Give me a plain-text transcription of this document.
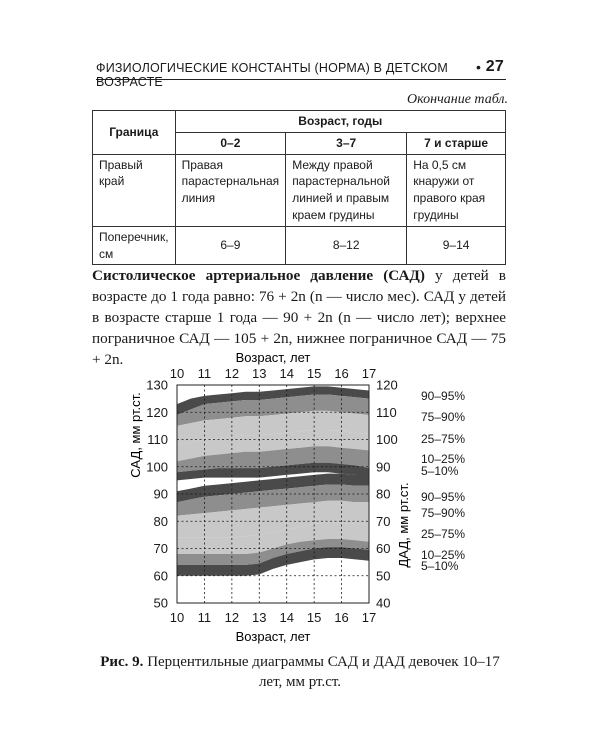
ФИЗИОЛОГИЧЕСКИЕ КОНСТАНТЫ (НОРМА) В ДЕТСКОМ ВОЗРАСТЕ
• 27
Окончание табл.
Граница	Возраст, годы		
	0–2	3–7	7 и старше
Правый край	Правая парастернальная линия	Между правой парастернальной линией и правым краем грудины	На 0,5 см кнаружи от правого края грудины
Поперечник, см	6–9	8–12	9–14
Систолическое артериальное давление (САД) у детей в возрасте до 1 года равно: 76 + 2n (n — число мес). САД у детей в возрасте старше 1 года — 90 + 2n (n — число лет); верхнее пограничное САД — 105 + 2n, нижнее пограничное САД — 75 + 2n.
10
10
11
11
12
12
13
13
14
14
15
15
16
16
17
17
50
60
70
80
90
100
110
120
130
40
50
60
70
80
90
100
110
120
Возраст, лет
Возраст, лет
САД, мм рт.ст.
ДАД, мм рт.ст.
90–95%
75–90%
25–75%
10–25%
5–10%
90–95%
75–90%
25–75%
10–25%
5–10%
Рис. 9. Перцентильные диаграммы САД и ДАД девочек 10–17 лет, мм рт.ст.
